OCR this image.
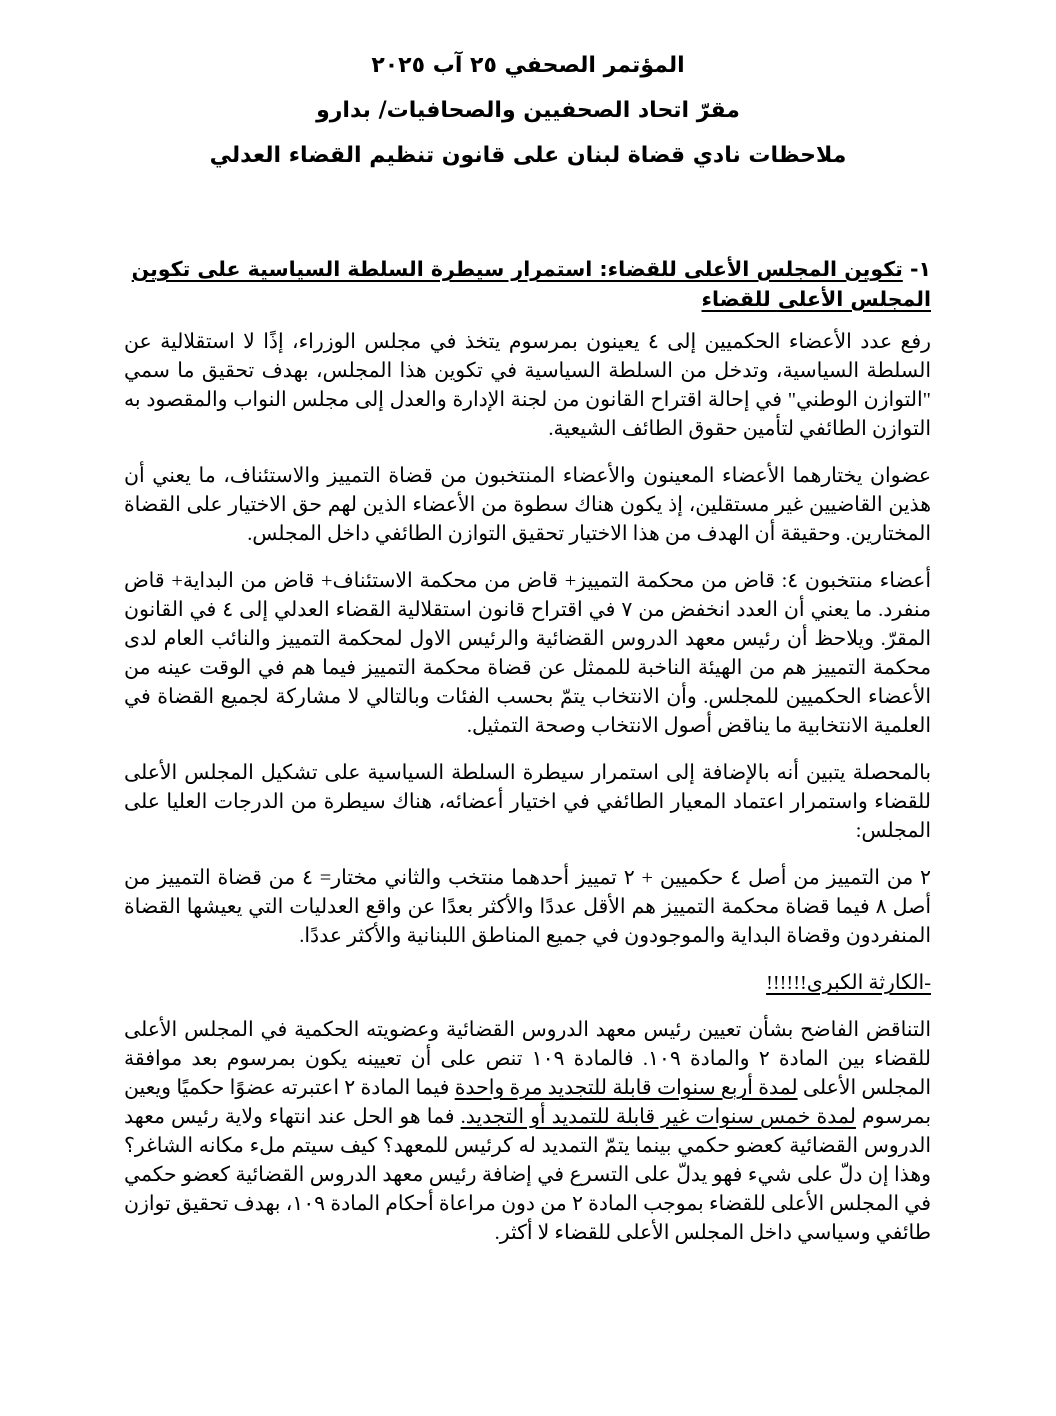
المؤتمر الصحفي ٢٥ آب ٢٠٢٥
مقرّ اتحاد الصحفيين والصحافيات/ بدارو
ملاحظات نادي قضاة لبنان على قانون تنظيم القضاء العدلي
١- تكوين المجلس الأعلى للقضاء: استمرار سيطرة السلطة السياسية على تكوين المجلس الأعلى للقضاء

رفع عدد الأعضاء الحكميين إلى ٤ يعينون بمرسوم يتخذ في مجلس الوزراء، إذًا لا استقلالية عن السلطة السياسية، وتدخل من السلطة السياسية في تكوين هذا المجلس، بهدف تحقيق ما سمي "التوازن الوطني" في إحالة اقتراح القانون من لجنة الإدارة والعدل إلى مجلس النواب والمقصود به التوازن الطائفي لتأمين حقوق الطائف الشيعية.

عضوان يختارهما الأعضاء المعينون والأعضاء المنتخبون من قضاة التمييز والاستئناف، ما يعني أن هذين القاضيين غير مستقلين، إذ يكون هناك سطوة من الأعضاء الذين لهم حق الاختيار على القضاة المختارين. وحقيقة أن الهدف من هذا الاختيار تحقيق التوازن الطائفي داخل المجلس.

أعضاء منتخبون ٤: قاض من محكمة التمييز+ قاض من محكمة الاستئناف+ قاض من البداية+ قاض منفرد. ما يعني أن العدد انخفض من ٧ في اقتراح قانون استقلالية القضاء العدلي إلى ٤ في القانون المقرّ. ويلاحظ أن رئيس معهد الدروس القضائية والرئيس الاول لمحكمة التمييز والنائب العام لدى محكمة التمييز هم من الهيئة الناخبة للممثل عن قضاة محكمة التمييز فيما هم في الوقت عينه من الأعضاء الحكميين للمجلس. وأن الانتخاب يتمّ بحسب الفئات وبالتالي لا مشاركة لجميع القضاة في العلمية الانتخابية ما يناقض أصول الانتخاب وصحة التمثيل.

بالمحصلة يتبين أنه بالإضافة إلى استمرار سيطرة السلطة السياسية على تشكيل المجلس الأعلى للقضاء واستمرار اعتماد المعيار الطائفي في اختيار أعضائه، هناك سيطرة من الدرجات العليا على المجلس:

٢ من التمييز من أصل ٤ حكميين + ٢ تمييز أحدهما منتخب والثاني مختار= ٤ من قضاة التمييز من أصل ٨ فيما قضاة محكمة التمييز هم الأقل عددًا والأكثر بعدًا عن واقع العدليات التي يعيشها القضاة المنفردون وقضاة البداية والموجودون في جميع المناطق اللبنانية والأكثر عددًا.

-الكارثة الكبرى!!!!!!

التناقض الفاضح بشأن تعيين رئيس معهد الدروس القضائية وعضويته الحكمية في المجلس الأعلى للقضاء بين المادة ٢ والمادة ١٠٩. فالمادة ١٠٩ تنص على أن تعيينه يكون بمرسوم بعد موافقة المجلس الأعلى لمدة أربع سنوات قابلة للتجديد مرة واحدة فيما المادة ٢ اعتبرته عضوًا حكميًا ويعين بمرسوم لمدة خمس سنوات غير قابلة للتمديد أو التجديد. فما هو الحل عند انتهاء ولاية رئيس معهد الدروس القضائية كعضو حكمي بينما يتمّ التمديد له كرئيس للمعهد؟ كيف سيتم ملء مكانه الشاغر؟ وهذا إن دلّ على شيء فهو يدلّ على التسرع في إضافة رئيس معهد الدروس القضائية كعضو حكمي في المجلس الأعلى للقضاء بموجب المادة ٢ من دون مراعاة أحكام المادة ١٠٩، بهدف تحقيق توازن طائفي وسياسي داخل المجلس الأعلى للقضاء لا أكثر.
